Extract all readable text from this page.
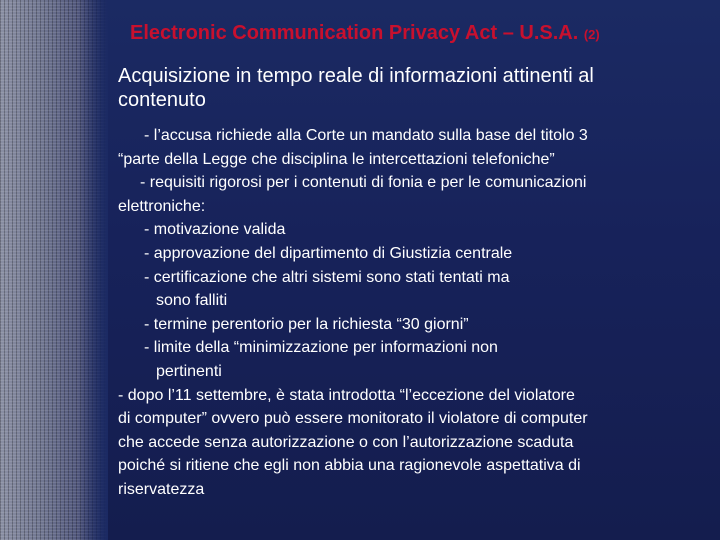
Electronic Communication Privacy Act – U.S.A. (2)
Acquisizione in tempo reale di informazioni attinenti al
contenuto
- l’accusa richiede alla Corte un mandato sulla base del titolo 3
“parte della Legge che disciplina le intercettazioni telefoniche”
- requisiti rigorosi per i contenuti di fonia e per le comunicazioni
elettroniche:
- motivazione valida
- approvazione del dipartimento di Giustizia centrale
- certificazione che altri sistemi sono stati tentati ma
sono falliti
- termine perentorio per la richiesta “30 giorni”
- limite della “minimizzazione per informazioni non
pertinenti
- dopo l’11 settembre, è stata introdotta “l’eccezione del violatore
di computer” ovvero può essere monitorato il violatore di computer
che accede senza autorizzazione o con l’autorizzazione scaduta
poiché si ritiene che egli non abbia una ragionevole aspettativa di
riservatezza
